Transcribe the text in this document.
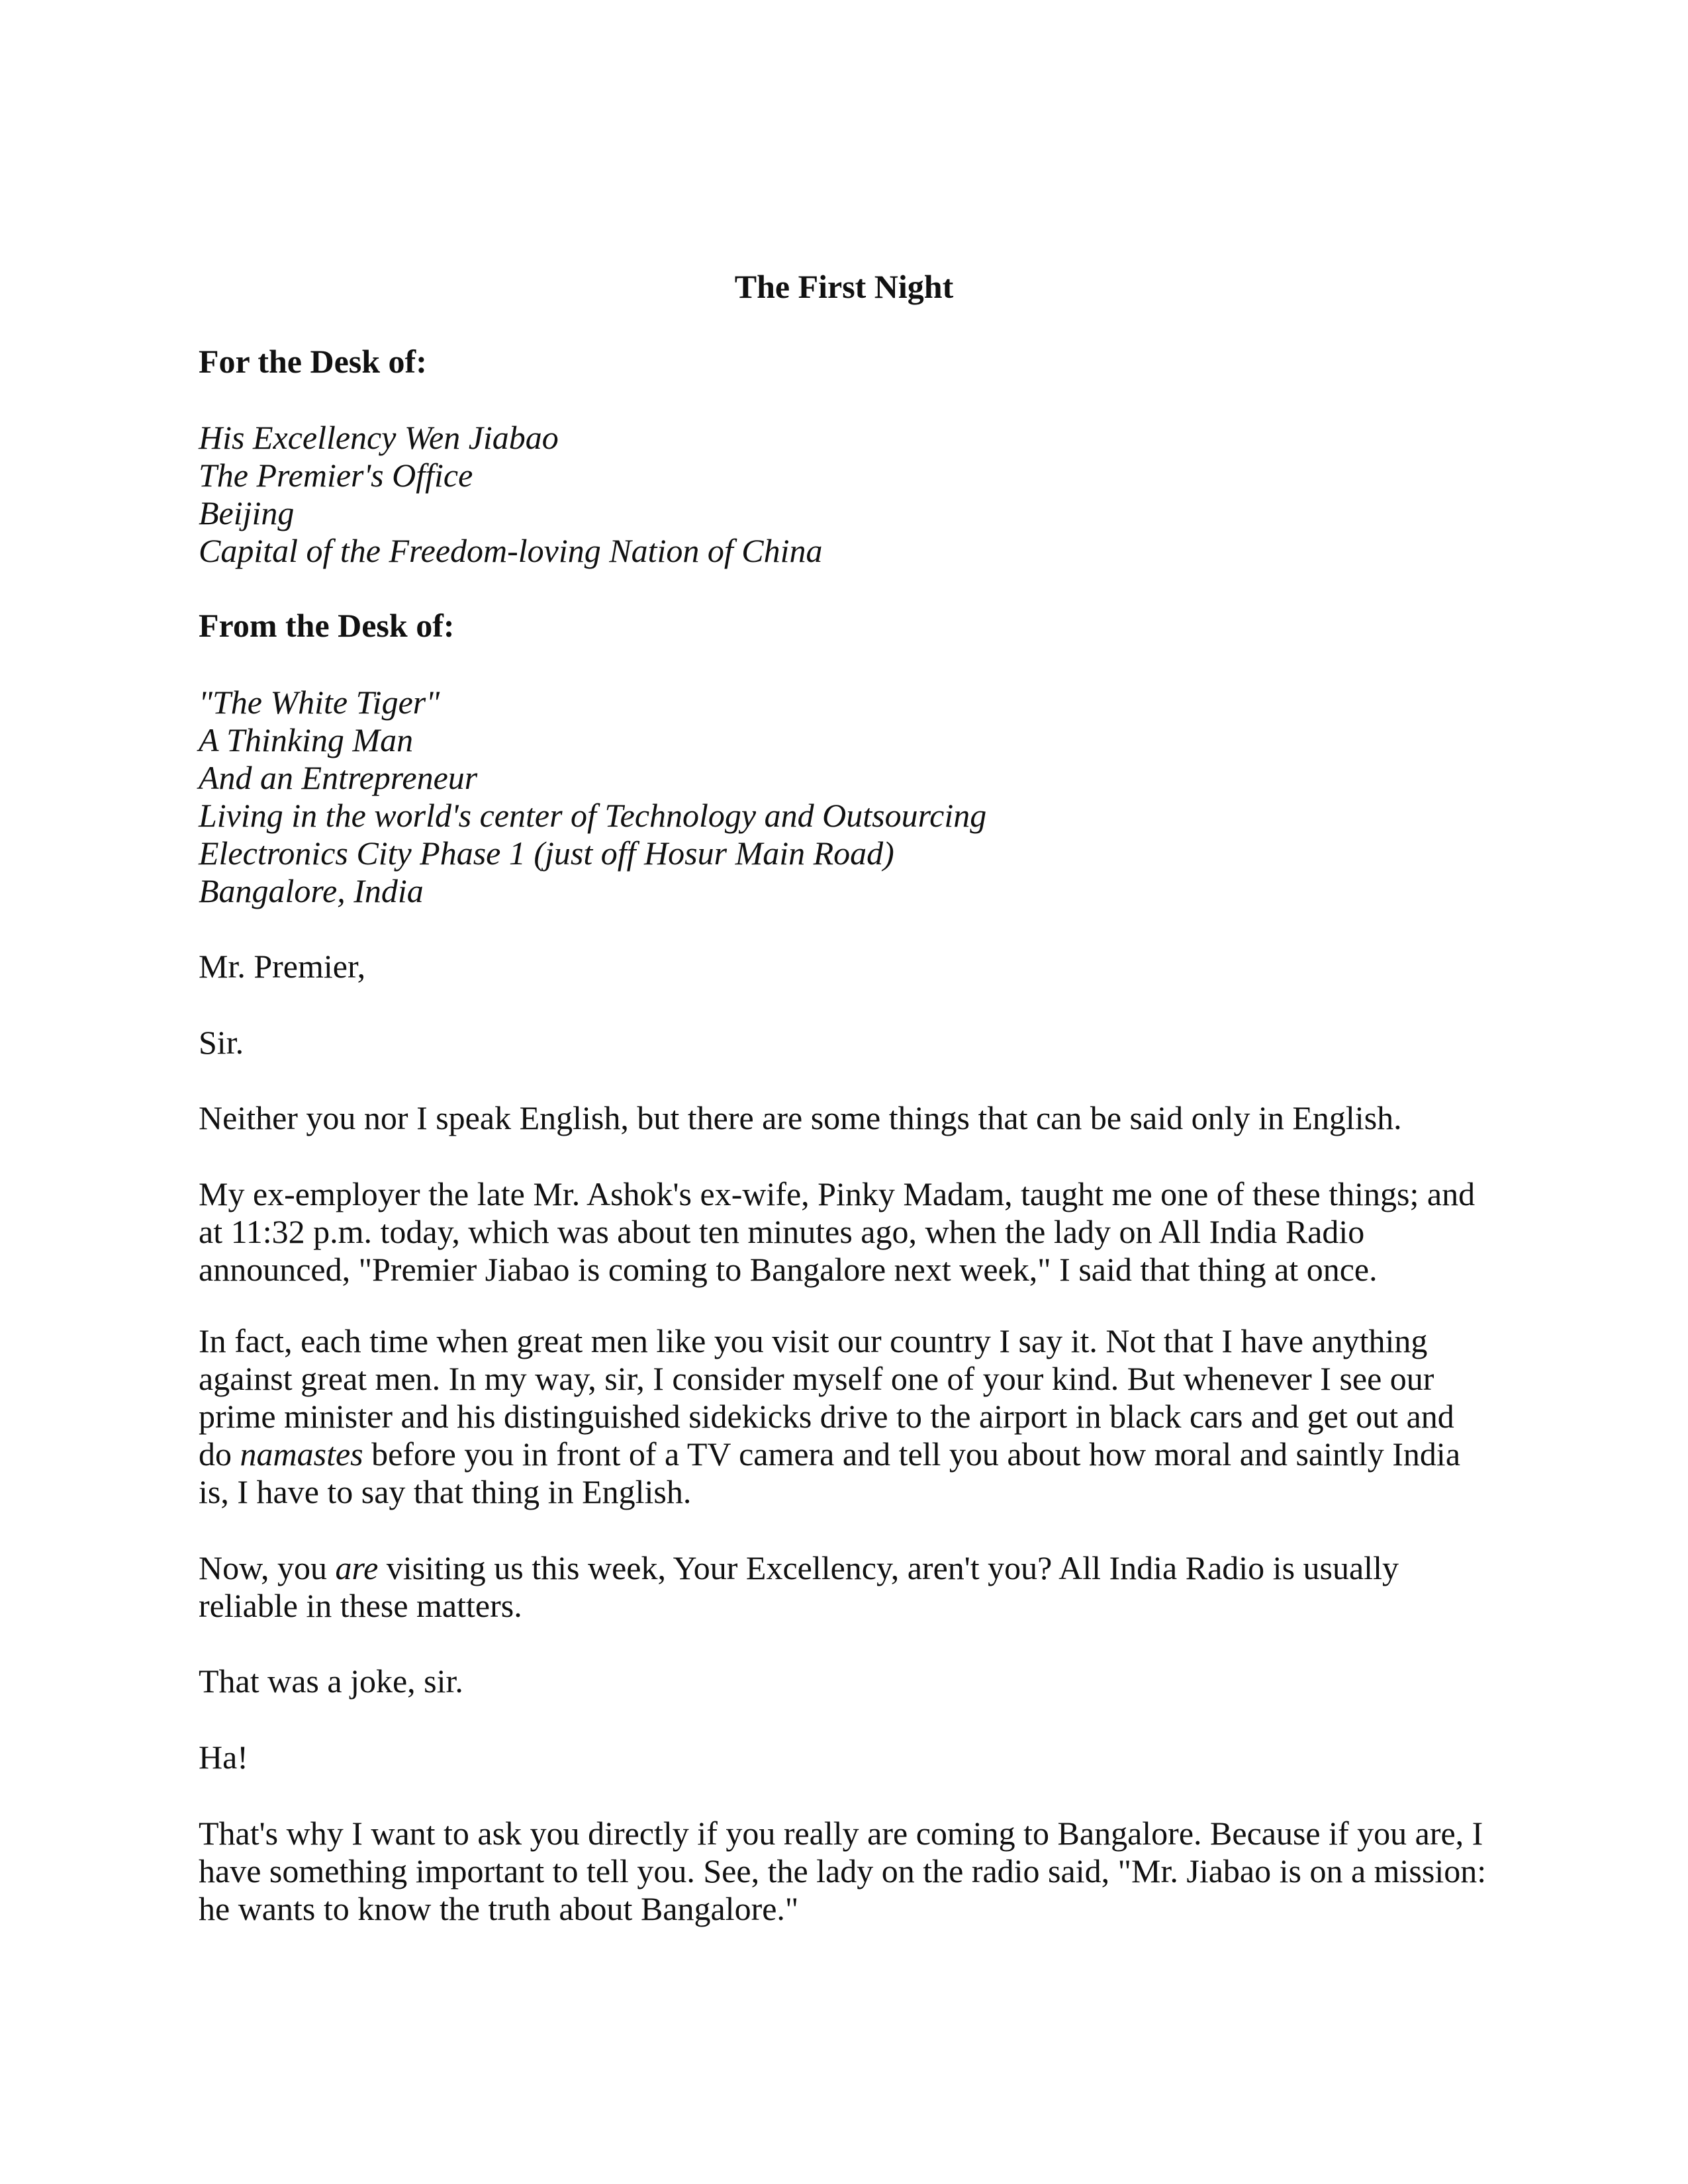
The First Night

For the Desk of:

His Excellency Wen Jiabao
The Premier's Office
Beijing
Capital of the Freedom-loving Nation of China

From the Desk of:

"The White Tiger"
A Thinking Man
And an Entrepreneur
Living in the world's center of Technology and Outsourcing
Electronics City Phase 1 (just off Hosur Main Road)
Bangalore, India

Mr. Premier,

Sir.

Neither you nor I speak English, but there are some things that can be said only in English.

My ex-employer the late Mr. Ashok's ex-wife, Pinky Madam, taught me one of these things; and at 11:32 p.m. today, which was about ten minutes ago, when the lady on All India Radio announced, "Premier Jiabao is coming to Bangalore next week," I said that thing at once.

In fact, each time when great men like you visit our country I say it. Not that I have anything against great men. In my way, sir, I consider myself one of your kind. But whenever I see our prime minister and his distinguished sidekicks drive to the airport in black cars and get out and do namastes before you in front of a TV camera and tell you about how moral and saintly India is, I have to say that thing in English.

Now, you are visiting us this week, Your Excellency, aren't you? All India Radio is usually reliable in these matters.

That was a joke, sir.

Ha!

That's why I want to ask you directly if you really are coming to Bangalore. Because if you are, I have something important to tell you. See, the lady on the radio said, "Mr. Jiabao is on a mission: he wants to know the truth about Bangalore."
